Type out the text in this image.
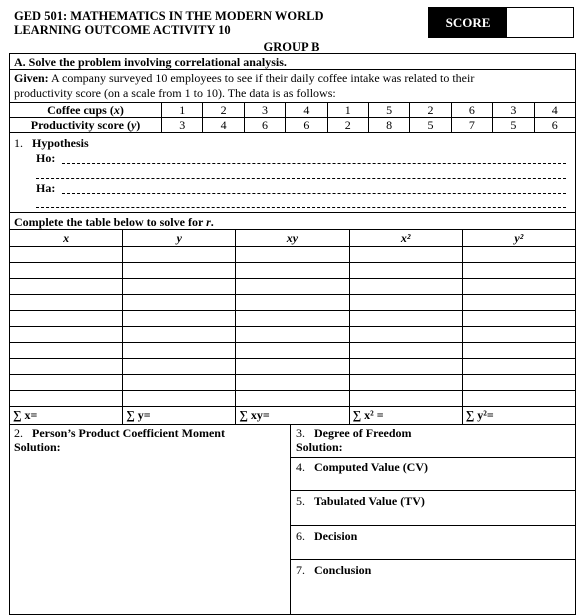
GED 501: MATHEMATICS IN THE MODERN WORLD
LEARNING OUTCOME ACTIVITY 10
SCORE
GROUP B
A. Solve the problem involving correlational analysis.
Given: A company surveyed 10 employees to see if their daily coffee intake was related to their
productivity score (on a scale from 1 to 10). The data is as follows:
Coffee cups (x)	1	2	3	4	1	5	2	6	3	4
Productivity score (y)	3	4	6	6	2	8	5	7	5	6
1. Hypothesis
Ho:
Ha:
Complete the table below to solve for r.
x	y	xy	x²	y²

∑ x=	∑ y=	∑ xy=	∑ x² =	∑ y²=
2. Person’s Product Coefficient Moment
Solution:
3. Degree of Freedom
Solution:
4. Computed Value (CV)
5. Tabulated Value (TV)
6. Decision
7. Conclusion
